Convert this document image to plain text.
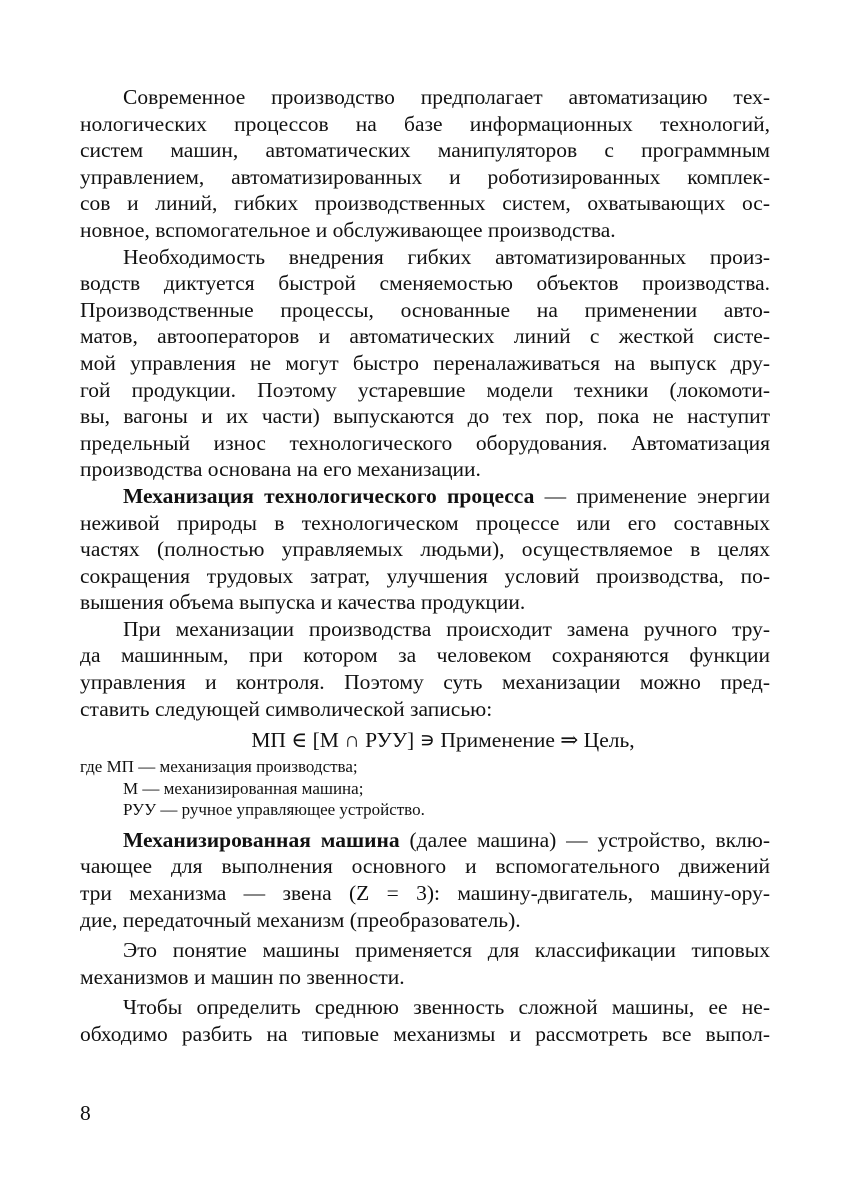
Современное производство предполагает автоматизацию тех-
нологических процессов на базе информационных технологий,
систем машин, автоматических манипуляторов с программным
управлением, автоматизированных и роботизированных комплек-
сов и линий, гибких производственных систем, охватывающих ос-
новное, вспомогательное и обслуживающее производства.
Необходимость внедрения гибких автоматизированных произ-
водств диктуется быстрой сменяемостью объектов производства.
Производственные процессы, основанные на применении авто-
матов, автооператоров и автоматических линий с жесткой систе-
мой управления не могут быстро переналаживаться на выпуск дру-
гой продукции. Поэтому устаревшие модели техники (локомоти-
вы, вагоны и их части) выпускаются до тех пор, пока не наступит
предельный износ технологического оборудования. Автоматизация
производства основана на его механизации.
Механизация технологического процесса — применение энергии
неживой природы в технологическом процессе или его составных
частях (полностью управляемых людьми), осуществляемое в целях
сокращения трудовых затрат, улучшения условий производства, по-
вышения объема выпуска и качества продукции.
При механизации производства происходит замена ручного тру-
да машинным, при котором за человеком сохраняются функции
управления и контроля. Поэтому суть механизации можно пред-
ставить следующей символической записью:
МП ∈ [М ∩ РУУ] ∍ Применение ⇒ Цель,
где МП — механизация производства;
М — механизированная машина;
РУУ — ручное управляющее устройство.
Механизированная машина (далее машина) — устройство, вклю-
чающее для выполнения основного и вспомогательного движений
три механизма — звена (Z = 3): машину-двигатель, машину-ору-
дие, передаточный механизм (преобразователь).
Это понятие машины применяется для классификации типовых
механизмов и машин по звенности.
Чтобы определить среднюю звенность сложной машины, ее не-
обходимо разбить на типовые механизмы и рассмотреть все выпол-
8
